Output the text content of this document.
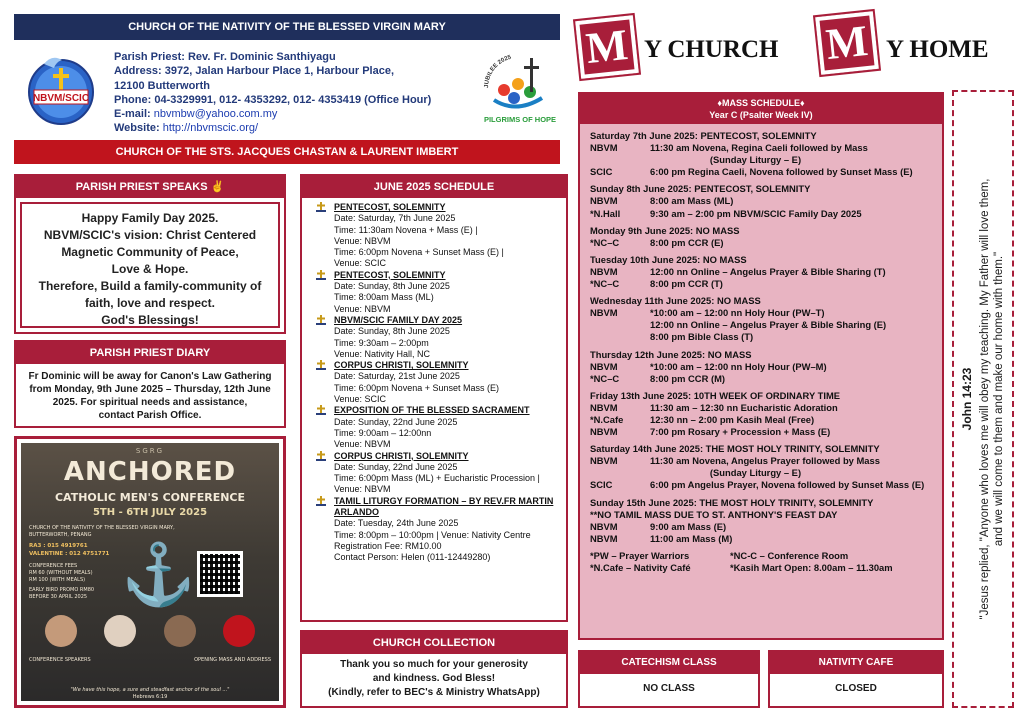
CHURCH OF THE NATIVITY OF THE BLESSED VIRGIN MARY
NBVM/SCIC
Parish Priest: Rev. Fr. Dominic Santhiyagu
Address: 3972, Jalan Harbour Place 1, Harbour Place,
12100 Butterworth
Phone: 04-3329991, 012- 4353292, 012- 4353419 (Office Hour)
E-mail: nbvmbw@yahoo.com.my
Website: http://nbvmscic.org/
JUBILEE 2025
PILGRIMS OF HOPE
CHURCH OF THE STS. JACQUES CHASTAN & LAURENT IMBERT
M Y CHURCH M Y HOME
PARISH PRIEST SPEAKS ✌
Happy Family Day 2025.
NBVM/SCIC's vision: Christ Centered
Magnetic Community of Peace,
Love & Hope.
Therefore, Build a family-community of
faith, love and respect.
God's Blessings!
PARISH PRIEST DIARY
Fr Dominic will be away for Canon's Law Gathering
from Monday, 9th June 2025 – Thursday, 12th June
2025. For spiritual needs and assistance,
contact Parish Office.
SGRG
ANCHORED
CATHOLIC MEN'S CONFERENCE
5TH - 6TH JULY 2025
CHURCH OF THE NATIVITY OF THE BLESSED VIRGIN MARY, BUTTERWORTH, PENANG
RA3 : 015 4919761
VALENTINE : 012 4751771
CONFERENCE FEES
RM 60 (WITHOUT MEALS)
RM 100 (WITH MEALS)
EARLY BIRD PROMO RM80
BEFORE 30 APRIL 2025 ⚓
CONFERENCE SPEAKERS	OPENING MASS AND ADDRESS
"We have this hope, a sure and steadfast anchor of the soul ..."
Hebrews 6:19
JUNE 2025 SCHEDULE
PENTECOST, SOLEMNITY
Date: Saturday, 7th June 2025
Time: 11:30am Novena + Mass (E) |
Venue: NBVM
Time: 6:00pm Novena + Sunset Mass (E) |
Venue: SCIC
PENTECOST, SOLEMNITY
Date: Sunday, 8th June 2025
Time: 8:00am Mass (ML)
Venue: NBVM
NBVM/SCIC FAMILY DAY 2025
Date: Sunday, 8th June 2025
Time: 9:30am – 2:00pm
Venue: Nativity Hall, NC
CORPUS CHRISTI, SOLEMNITY
Date: Saturday, 21st June 2025
Time: 6:00pm Novena + Sunset Mass (E)
Venue: SCIC
EXPOSITION OF THE BLESSED SACRAMENT
Date: Sunday, 22nd June 2025
Time: 9:00am – 12:00nn
Venue: NBVM
CORPUS CHRISTI, SOLEMNITY
Date: Sunday, 22nd June 2025
Time: 6:00pm Mass (ML) + Eucharistic Procession |
Venue: NBVM
TAMIL LITURGY FORMATION – BY REV.FR MARTIN ARLANDO
Date: Tuesday, 24th June 2025
Time: 8:00pm – 10:00pm | Venue: Nativity Centre
Registration Fee: RM10.00
Contact Person: Helen (011-12449280)
CHURCH COLLECTION
Thank you so much for your generosity
and kindness. God Bless!
(Kindly, refer to BEC's & Ministry WhatsApp)
♦MASS SCHEDULE♦
Year C (Psalter Week IV)
Saturday 7th June 2025: PENTECOST, SOLEMNITY
NBVM	11:30 am Novena, Regina Caeli followed by Mass
(Sunday Liturgy – E)
SCIC	6:00 pm Regina Caeli, Novena followed by Sunset Mass (E)
Sunday 8th June 2025: PENTECOST, SOLEMNITY
NBVM	8:00 am Mass (ML)
*N.Hall	9:30 am – 2:00 pm NBVM/SCIC Family Day 2025
Monday 9th June 2025: NO MASS
*NC–C	8:00 pm CCR (E)
Tuesday 10th June 2025: NO MASS
NBVM	12:00 nn Online – Angelus Prayer & Bible Sharing (T)
*NC–C	8:00 pm CCR (T)
Wednesday 11th June 2025: NO MASS
NBVM	*10:00 am – 12:00 nn Holy Hour (PW–T)
12:00 nn Online – Angelus Prayer & Bible Sharing (E)
8:00 pm Bible Class (T)
Thursday 12th June 2025: NO MASS
NBVM	*10:00 am – 12:00 nn Holy Hour (PW–M)
*NC–C	8:00 pm CCR (M)
Friday 13th June 2025: 10TH WEEK OF ORDINARY TIME
NBVM	11:30 am – 12:30 nn Eucharistic Adoration
*N.Cafe	12:30 nn – 2:00 pm Kasih Meal (Free)
NBVM	7:00 pm Rosary + Procession + Mass (E)
Saturday 14th June 2025: THE MOST HOLY TRINITY, SOLEMNITY
NBVM	11:30 am Novena, Angelus Prayer followed by Mass
(Sunday Liturgy – E)
SCIC	6:00 pm Angelus Prayer, Novena followed by Sunset Mass (E)
Sunday 15th June 2025: THE MOST HOLY TRINITY, SOLEMNITY
**NO TAMIL MASS DUE TO ST. ANTHONY'S FEAST DAY
NBVM	9:00 am Mass (E)
NBVM	11:00 am Mass (M)
*PW – Prayer Warriors	*NC-C – Conference Room
*N.Cafe – Nativity Café	*Kasih Mart Open: 8.00am – 11.30am
CATECHISM CLASS
NO CLASS
NATIVITY CAFE
CLOSED
John 14:23 "Jesus replied, "Anyone who loves me will obey my teaching. My Father will love them, and we will come to them and make our home with them."
